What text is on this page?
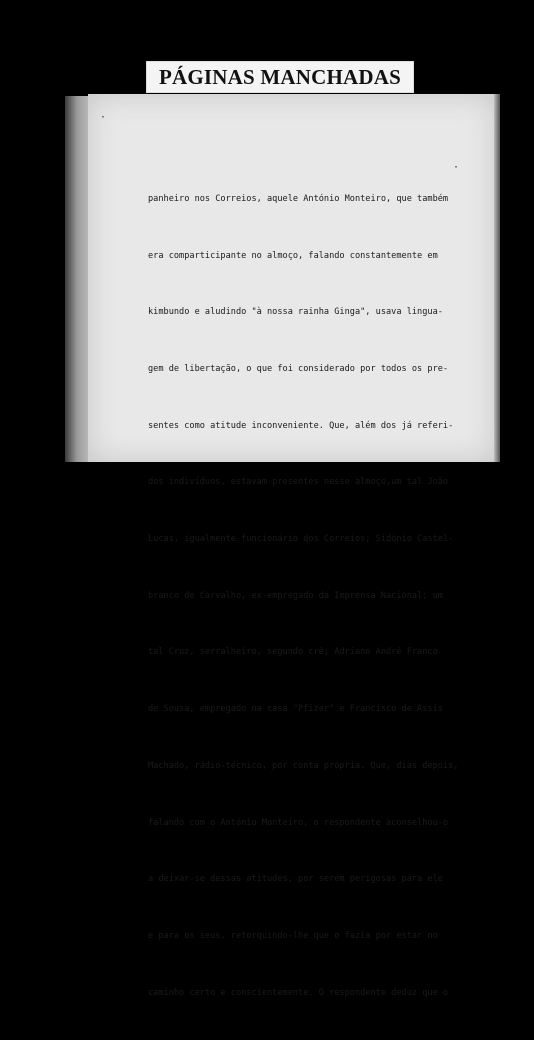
PÁGINAS MANCHADAS
·
·

panheiro nos Correios, aquele António Monteiro, que também

era comparticipante no almoço, falando constantemente em

kimbundo e aludindo "à nossa rainha Ginga", usava lingua-

gem de libertação, o que foi considerado por todos os pre-

sentes como atitude inconveniente. Que, além dos já referi-

dos indivíduos, estavam presentes nesse almoço,um tal João

Lucas, igualmente funcionário dos Correios; Sidónio Castel-

branco de Carvalho, ex-empregado da Imprensa Nacional; um

tal Cruz, serralheiro, segundo crê; Adriano André Franco

de Sousa, empregado na casa "Pfizer" e Francisco de Assis

Machado, rádio-técnico, por conta própria. Que, dias depois,

falando com o António Monteiro, o respondente aconselhou-o

a deixar-se dessas atitudes, por serem perigosas para ele

e para os seus, retorquindo-lhe que o fazia por estar no

caminho certo e conscientemente. O respondente deduz que o
